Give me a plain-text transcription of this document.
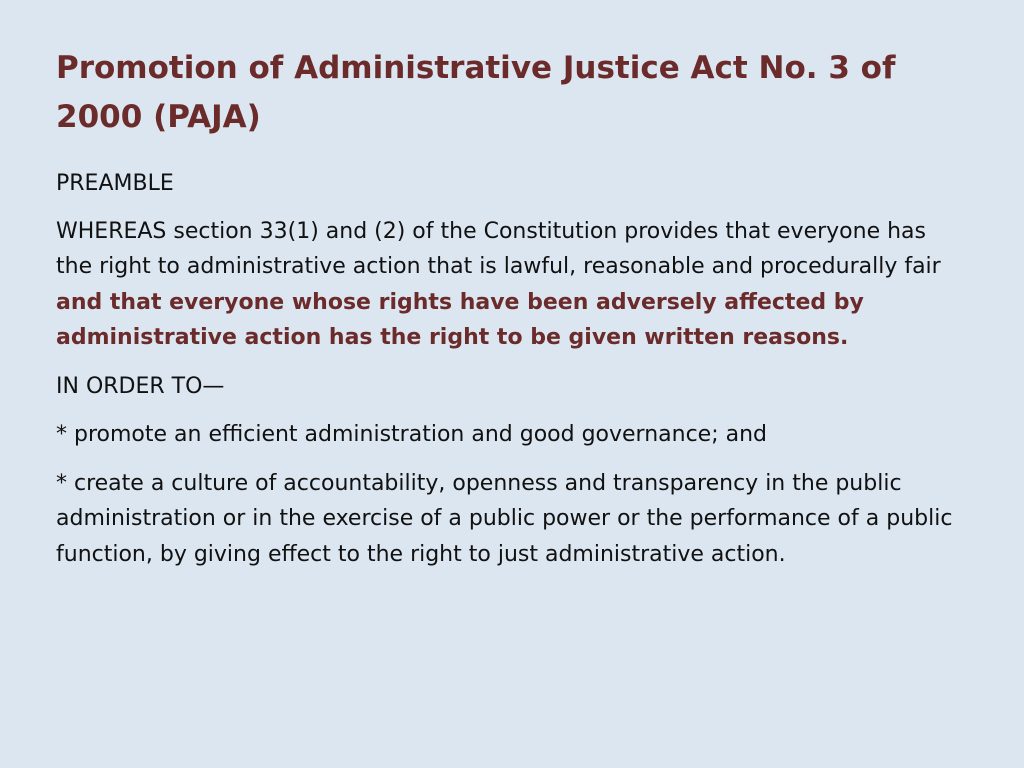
Promotion of Administrative Justice Act No. 3 of 2000 (PAJA)

PREAMBLE

WHEREAS section 33(1) and (2) of the Constitution provides that everyone has the right to administrative action that is lawful, reasonable and procedurally fair and that everyone whose rights have been adversely affected by administrative action has the right to be given written reasons.

IN ORDER TO—

* promote an efficient administration and good governance; and

* create a culture of accountability, openness and transparency in the public administration or in the exercise of a public power or the performance of a public function, by giving effect to the right to just administrative action.
